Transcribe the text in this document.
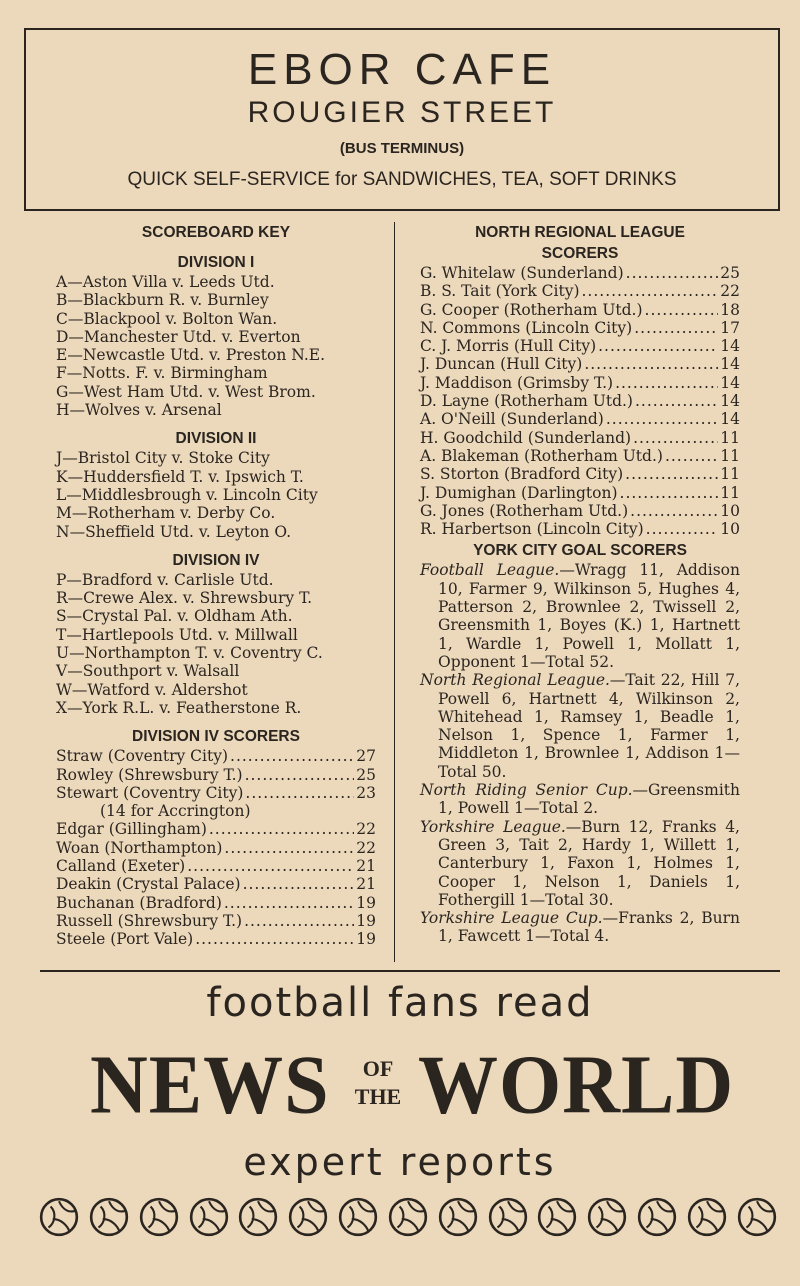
EBOR CAFE
ROUGIER STREET
(BUS TERMINUS)
QUICK SELF-SERVICE for SANDWICHES, TEA, SOFT DRINKS

SCOREBOARD KEY

DIVISION I

A—Aston Villa v. Leeds Utd.
B—Blackburn R. v. Burnley
C—Blackpool v. Bolton Wan.
D—Manchester Utd. v. Everton
E—Newcastle Utd. v. Preston N.E.
F—Notts. F. v. Birmingham
G—West Ham Utd. v. West Brom.
H—Wolves v. Arsenal

DIVISION II

J—Bristol City v. Stoke City
K—Huddersfield T. v. Ipswich T.
L—Middlesbrough v. Lincoln City
M—Rotherham v. Derby Co.
N—Sheffield Utd. v. Leyton O.

DIVISION IV

P—Bradford v. Carlisle Utd.
R—Crewe Alex. v. Shrewsbury T.
S—Crystal Pal. v. Oldham Ath.
T—Hartlepools Utd. v. Millwall
U—Northampton T. v. Coventry C.
V—Southport v. Walsall
W—Watford v. Aldershot
X—York R.L. v. Featherstone R.

DIVISION IV SCORERS

Straw (Coventry City) .....	27
Rowley (Shrewsbury T.) .....	25
Stewart (Coventry City) .....	23
(14 for Accrington)
Edgar (Gillingham) .....	22
Woan (Northampton) .....	22
Calland (Exeter) .....	21
Deakin (Crystal Palace) .....	21
Buchanan (Bradford) .....	19
Russell (Shrewsbury T.) .....	19
Steele (Port Vale) .....	19

NORTH REGIONAL LEAGUE

SCORERS

G. Whitelaw (Sunderland) .....	25
B. S. Tait (York City) .....	22
G. Cooper (Rotherham Utd.) .....	18
N. Commons (Lincoln City) .....	17
C. J. Morris (Hull City) .....	14
J. Duncan (Hull City) .....	14
J. Maddison (Grimsby T.) .....	14
D. Layne (Rotherham Utd.) .....	14
A. O'Neill (Sunderland) .....	14
H. Goodchild (Sunderland) .....	11
A. Blakeman (Rotherham Utd.) .....	11
S. Storton (Bradford City) .....	11
J. Dumighan (Darlington) .....	11
G. Jones (Rotherham Utd.) .....	10
R. Harbertson (Lincoln City) .....	10

YORK CITY GOAL SCORERS

Football League.—Wragg 11, Addison 10, Farmer 9, Wilkinson 5, Hughes 4, Patterson 2, Brownlee 2, Twissell 2, Greensmith 1, Boyes (K.) 1, Hartnett 1, Wardle 1, Powell 1, Mollatt 1, Opponent 1—Total 52.

North Regional League.—Tait 22, Hill 7, Powell 6, Hartnett 4, Wilkinson 2, Whitehead 1, Ramsey 1, Beadle 1, Nelson 1, Spence 1, Farmer 1, Middleton 1, Brownlee 1, Addison 1—Total 50.

North Riding Senior Cup.—Greensmith 1, Powell 1—Total 2.

Yorkshire League.—Burn 12, Franks 4, Green 3, Tait 2, Hardy 1, Willett 1, Canterbury 1, Faxon 1, Holmes 1, Cooper 1, Nelson 1, Daniels 1, Fothergill 1—Total 30.

Yorkshire League Cup.—Franks 2, Burn 1, Fawcett 1—Total 4.

football fans read
NEWS	OF
THE WORLD
expert reports
